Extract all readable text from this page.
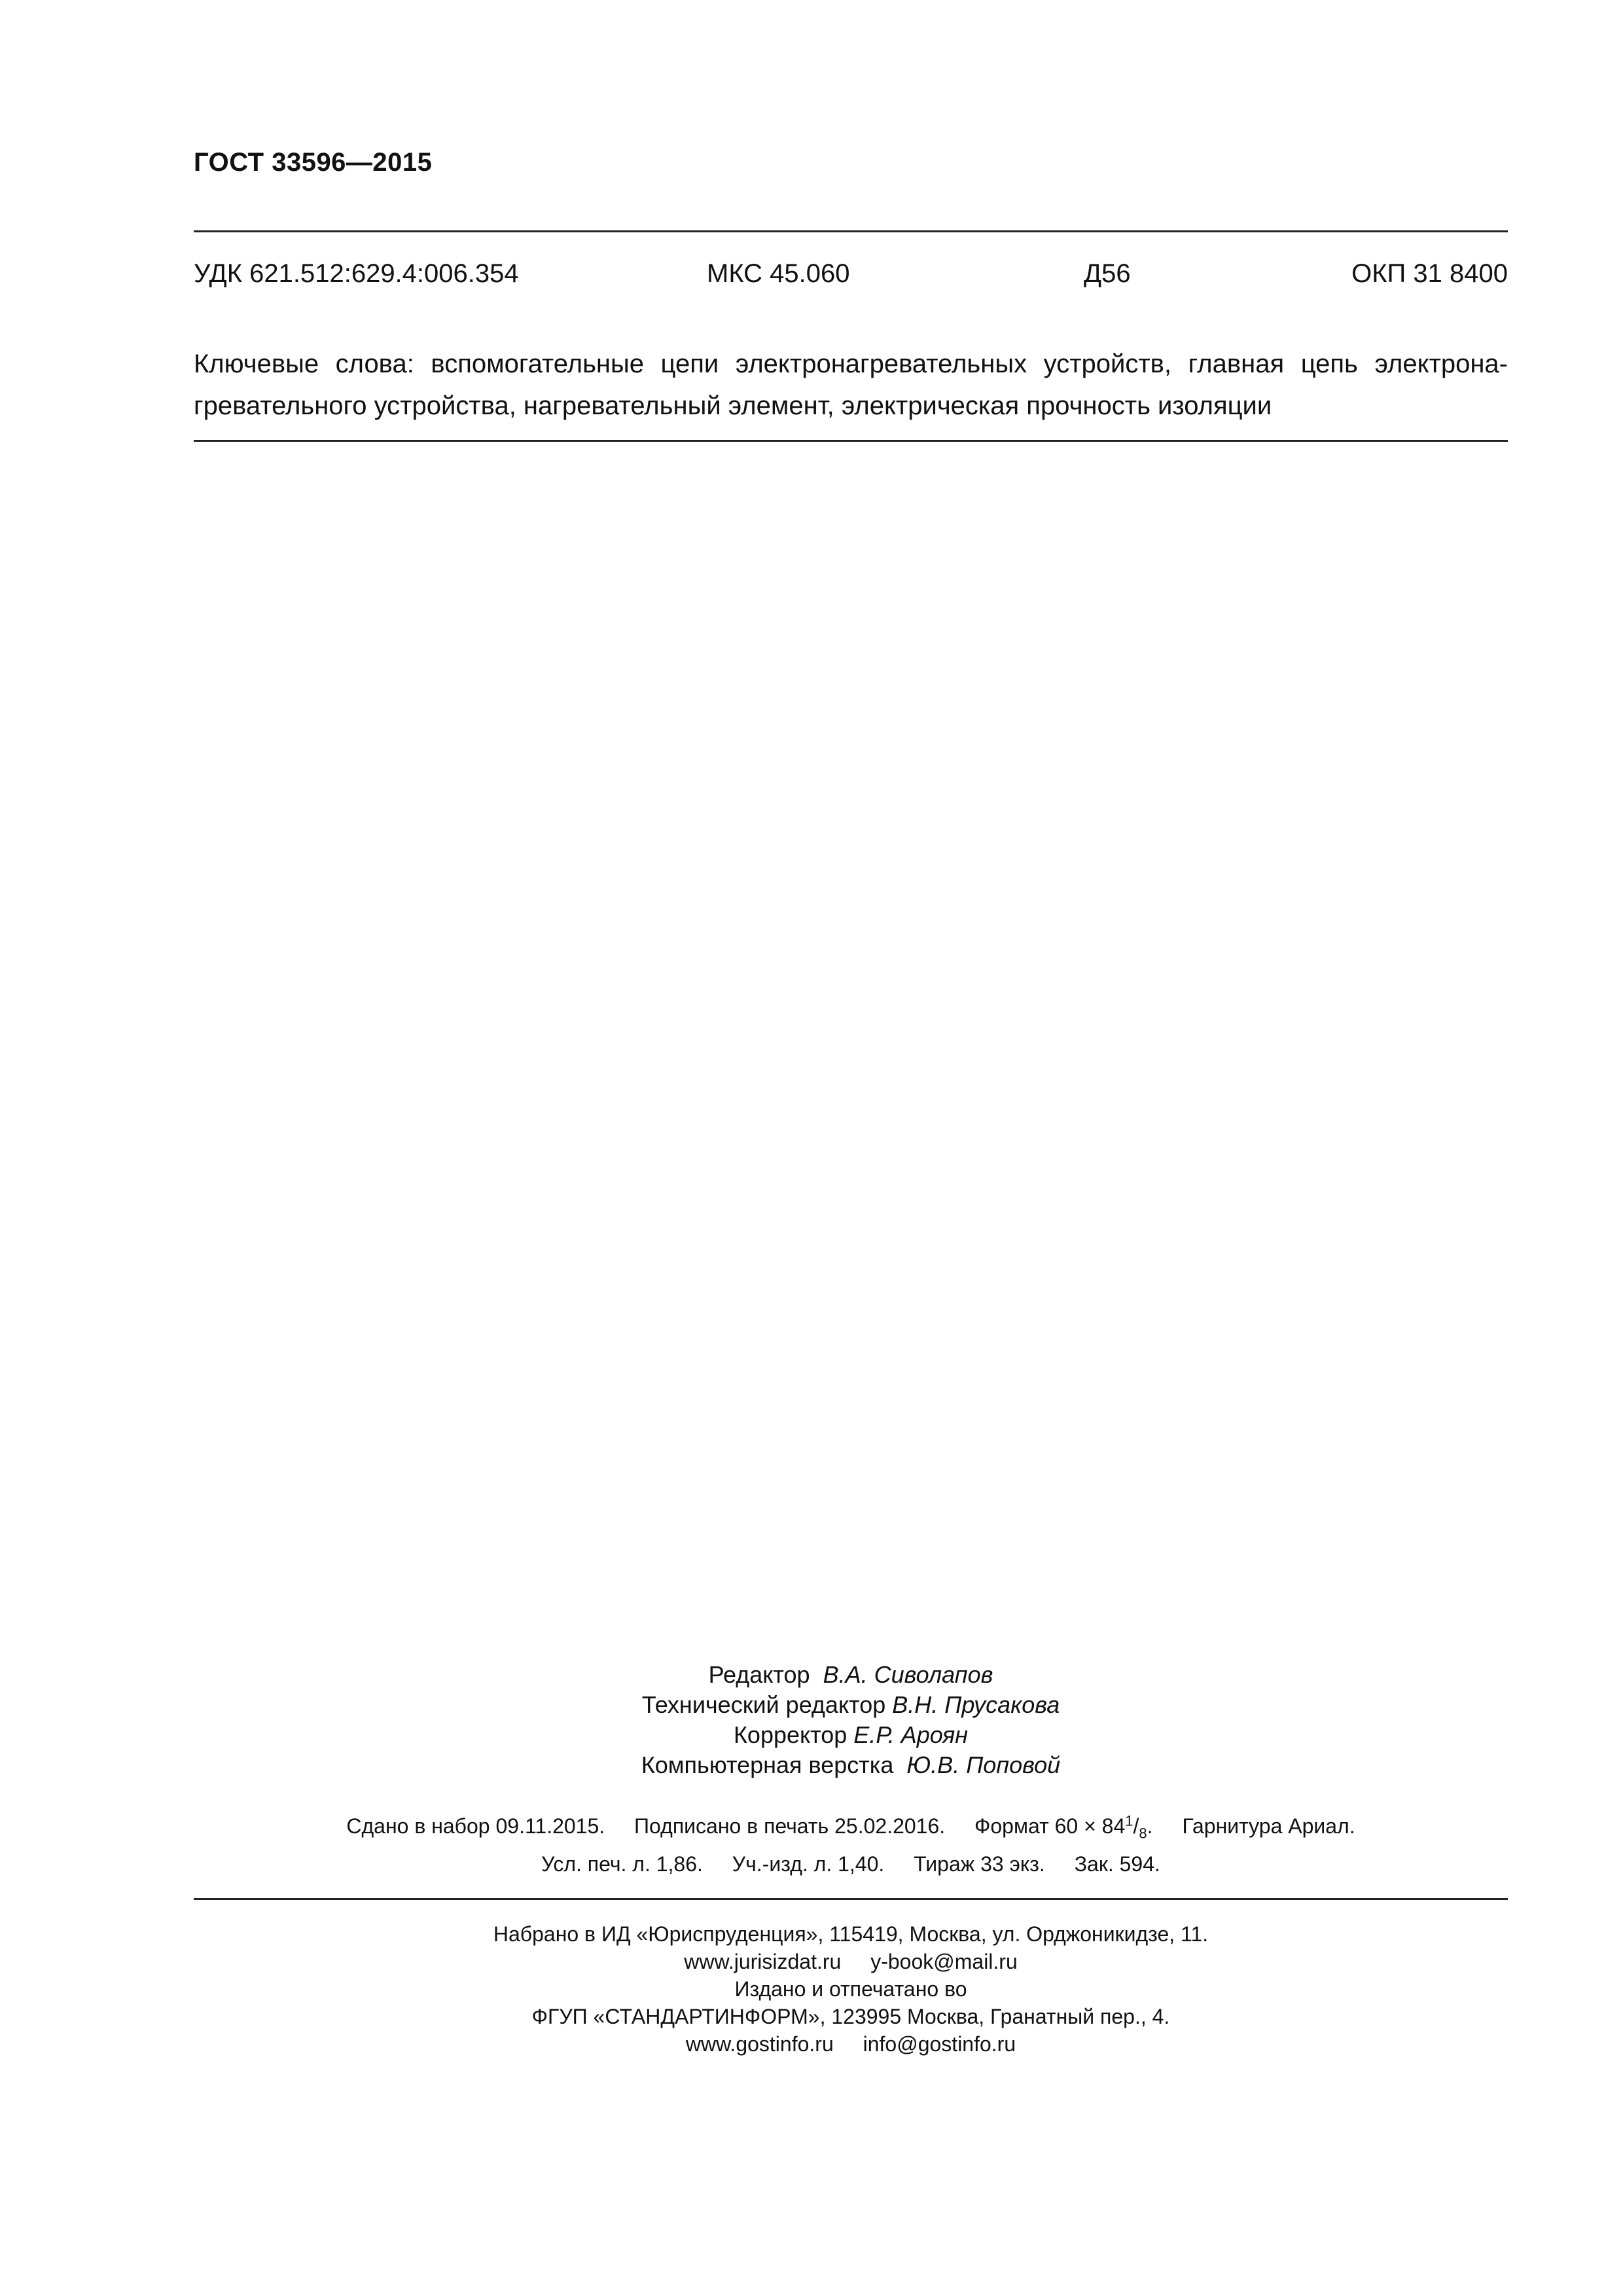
ГОСТ 33596—2015
УДК 621.512:629.4:006.354	МКС 45.060	Д56	ОКП 31 8400
Ключевые слова: вспомогательные цепи электронагревательных устройств, главная цепь электрона-
гревательного устройства, нагревательный элемент, электрическая прочность изоляции
Редактор В.А. Сиволапов
Технический редактор В.Н. Прусакова
Корректор Е.Р. Ароян
Компьютерная верстка Ю.В. Поповой
Сдано в набор 09.11.2015. Подписано в печать 25.02.2016. Формат $60 \times 84^1/_8$. Гарнитура Ариал.
Усл. печ. л. 1,86. Уч.-изд. л. 1,40. Тираж 33 экз. Зак. 594.
Набрано в ИД «Юриспруденция», 115419, Москва, ул. Орджоникидзе, 11.
www.jurisizdat.ru y-book@mail.ru
Издано и отпечатано во
ФГУП «СТАНДАРТИНФОРМ», 123995 Москва, Гранатный пер., 4.
www.gostinfo.ru info@gostinfo.ru
